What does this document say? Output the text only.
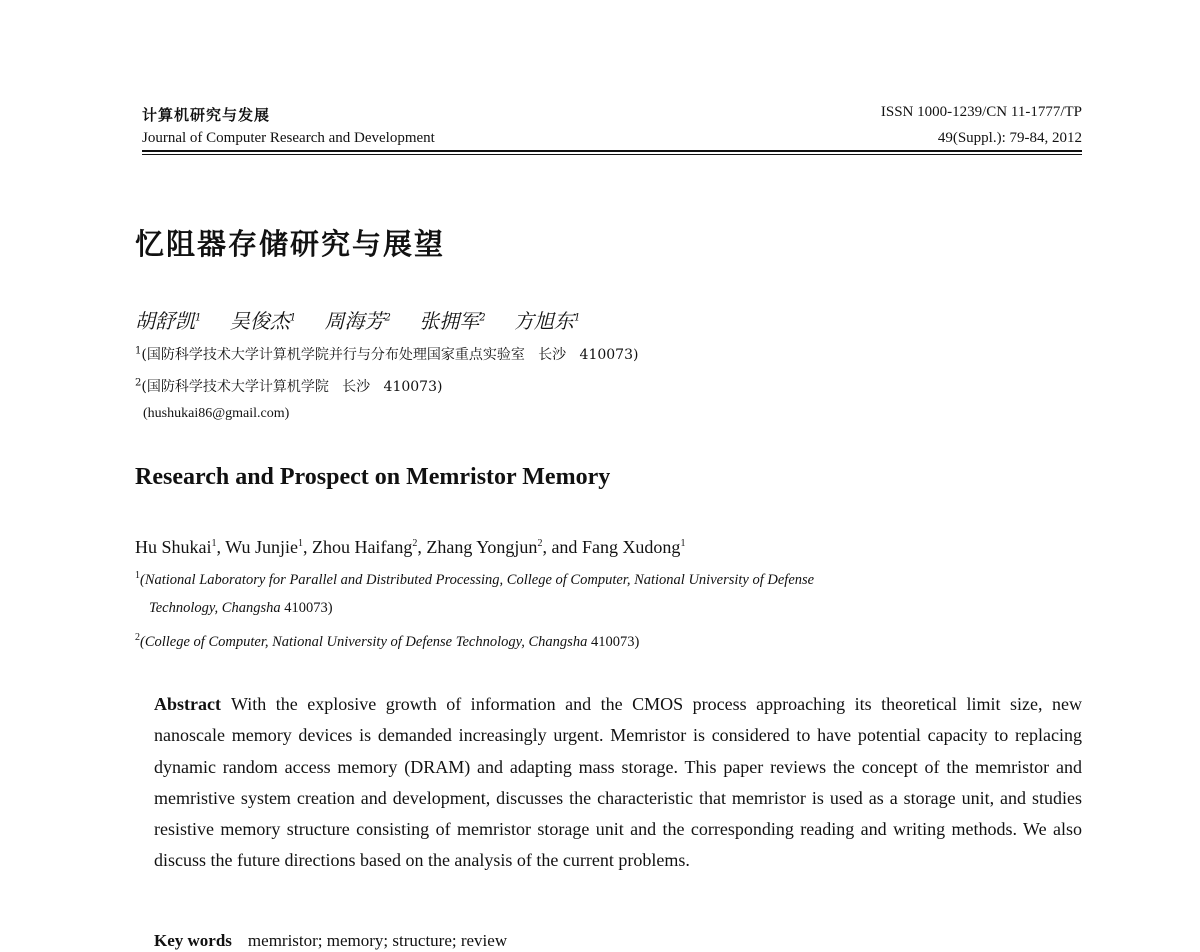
计算机研究与发展
Journal of Computer Research and Development
ISSN 1000-1239/CN 11-1777/TP
49(Suppl.): 79-84, 2012
忆阻器存储研究与展望
胡舒凯$^1$ 吴俊杰$^1$ 周海芳$^2$ 张拥军$^2$ 方旭东$^1$
$^1$(国防科学技术大学计算机学院并行与分布处理国家重点实验室   长沙   410073)
$^2$(国防科学技术大学计算机学院   长沙   410073)
(hushukai86@gmail.com)
Research and Prospect on Memristor Memory
Hu Shukai$^1$, Wu Junjie$^1$, Zhou Haifang$^2$, Zhang Yongjun$^2$, and Fang Xudong$^1$
$^1$(National Laboratory for Parallel and Distributed Processing, College of Computer, National University of Defense
Technology, Changsha 410073)
$^2$(College of Computer, National University of Defense Technology, Changsha 410073)
Abstract With the explosive growth of information and the CMOS process approaching its theoretical limit size, new nanoscale memory devices is demanded increasingly urgent. Memristor is considered to have potential capacity to replacing dynamic random access memory (DRAM) and adapting mass storage. This paper reviews the concept of the memristor and memristive system creation and development, discusses the characteristic that memristor is used as a storage unit, and studies resistive memory structure consisting of memristor storage unit and the corresponding reading and writing methods. We also discuss the future directions based on the analysis of the current problems.
Key words memristor; memory; structure; review
